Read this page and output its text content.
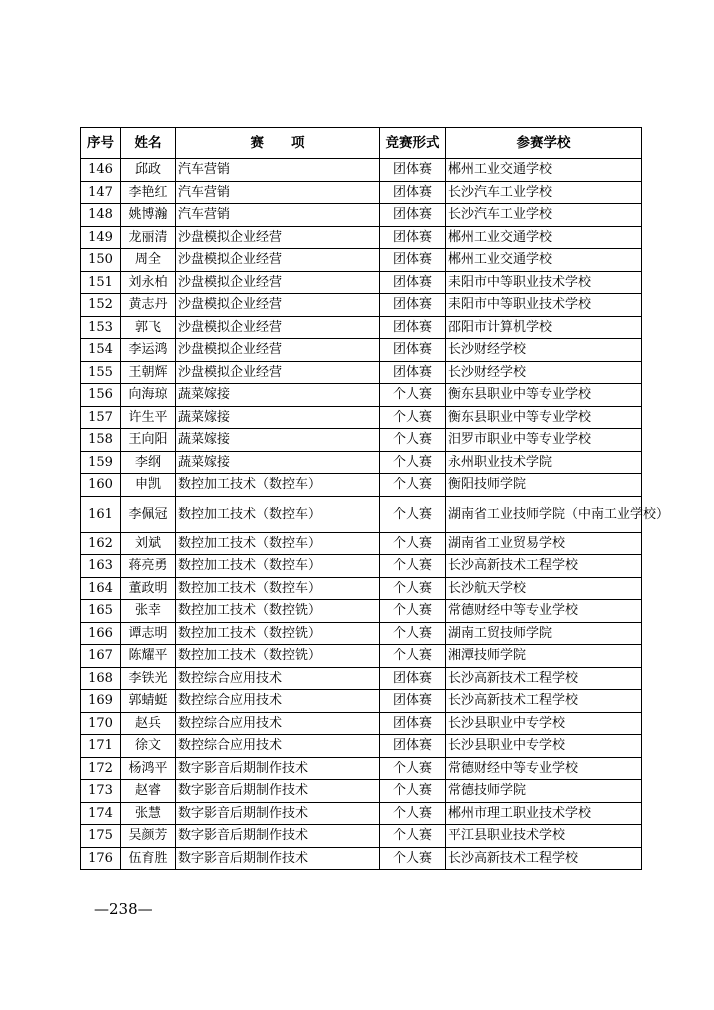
序号	姓名	赛　　项	竞赛形式	参赛学校
146	邱政	汽车营销	团体赛	郴州工业交通学校
147	李艳红	汽车营销	团体赛	长沙汽车工业学校
148	姚博瀚	汽车营销	团体赛	长沙汽车工业学校
149	龙丽清	沙盘模拟企业经营	团体赛	郴州工业交通学校
150	周全	沙盘模拟企业经营	团体赛	郴州工业交通学校
151	刘永柏	沙盘模拟企业经营	团体赛	耒阳市中等职业技术学校
152	黄志丹	沙盘模拟企业经营	团体赛	耒阳市中等职业技术学校
153	郭飞	沙盘模拟企业经营	团体赛	邵阳市计算机学校
154	李运鸿	沙盘模拟企业经营	团体赛	长沙财经学校
155	王朝辉	沙盘模拟企业经营	团体赛	长沙财经学校
156	向海琼	蔬菜嫁接	个人赛	衡东县职业中等专业学校
157	许生平	蔬菜嫁接	个人赛	衡东县职业中等专业学校
158	王向阳	蔬菜嫁接	个人赛	汨罗市职业中等专业学校
159	李纲	蔬菜嫁接	个人赛	永州职业技术学院
160	申凯	数控加工技术（数控车）	个人赛	衡阳技师学院
161	李佩冠	数控加工技术（数控车）	个人赛	湖南省工业技师学院（中南工业学校）
162	刘斌	数控加工技术（数控车）	个人赛	湖南省工业贸易学校
163	蒋亮勇	数控加工技术（数控车）	个人赛	长沙高新技术工程学校
164	董政明	数控加工技术（数控车）	个人赛	长沙航天学校
165	张幸	数控加工技术（数控铣）	个人赛	常德财经中等专业学校
166	谭志明	数控加工技术（数控铣）	个人赛	湖南工贸技师学院
167	陈耀平	数控加工技术（数控铣）	个人赛	湘潭技师学院
168	李铁光	数控综合应用技术	团体赛	长沙高新技术工程学校
169	郭蜻蜓	数控综合应用技术	团体赛	长沙高新技术工程学校
170	赵兵	数控综合应用技术	团体赛	长沙县职业中专学校
171	徐文	数控综合应用技术	团体赛	长沙县职业中专学校
172	杨鸿平	数字影音后期制作技术	个人赛	常德财经中等专业学校
173	赵睿	数字影音后期制作技术	个人赛	常德技师学院
174	张慧	数字影音后期制作技术	个人赛	郴州市理工职业技术学校
175	吴颜芳	数字影音后期制作技术	个人赛	平江县职业技术学校
176	伍育胜	数字影音后期制作技术	个人赛	长沙高新技术工程学校
—238—
